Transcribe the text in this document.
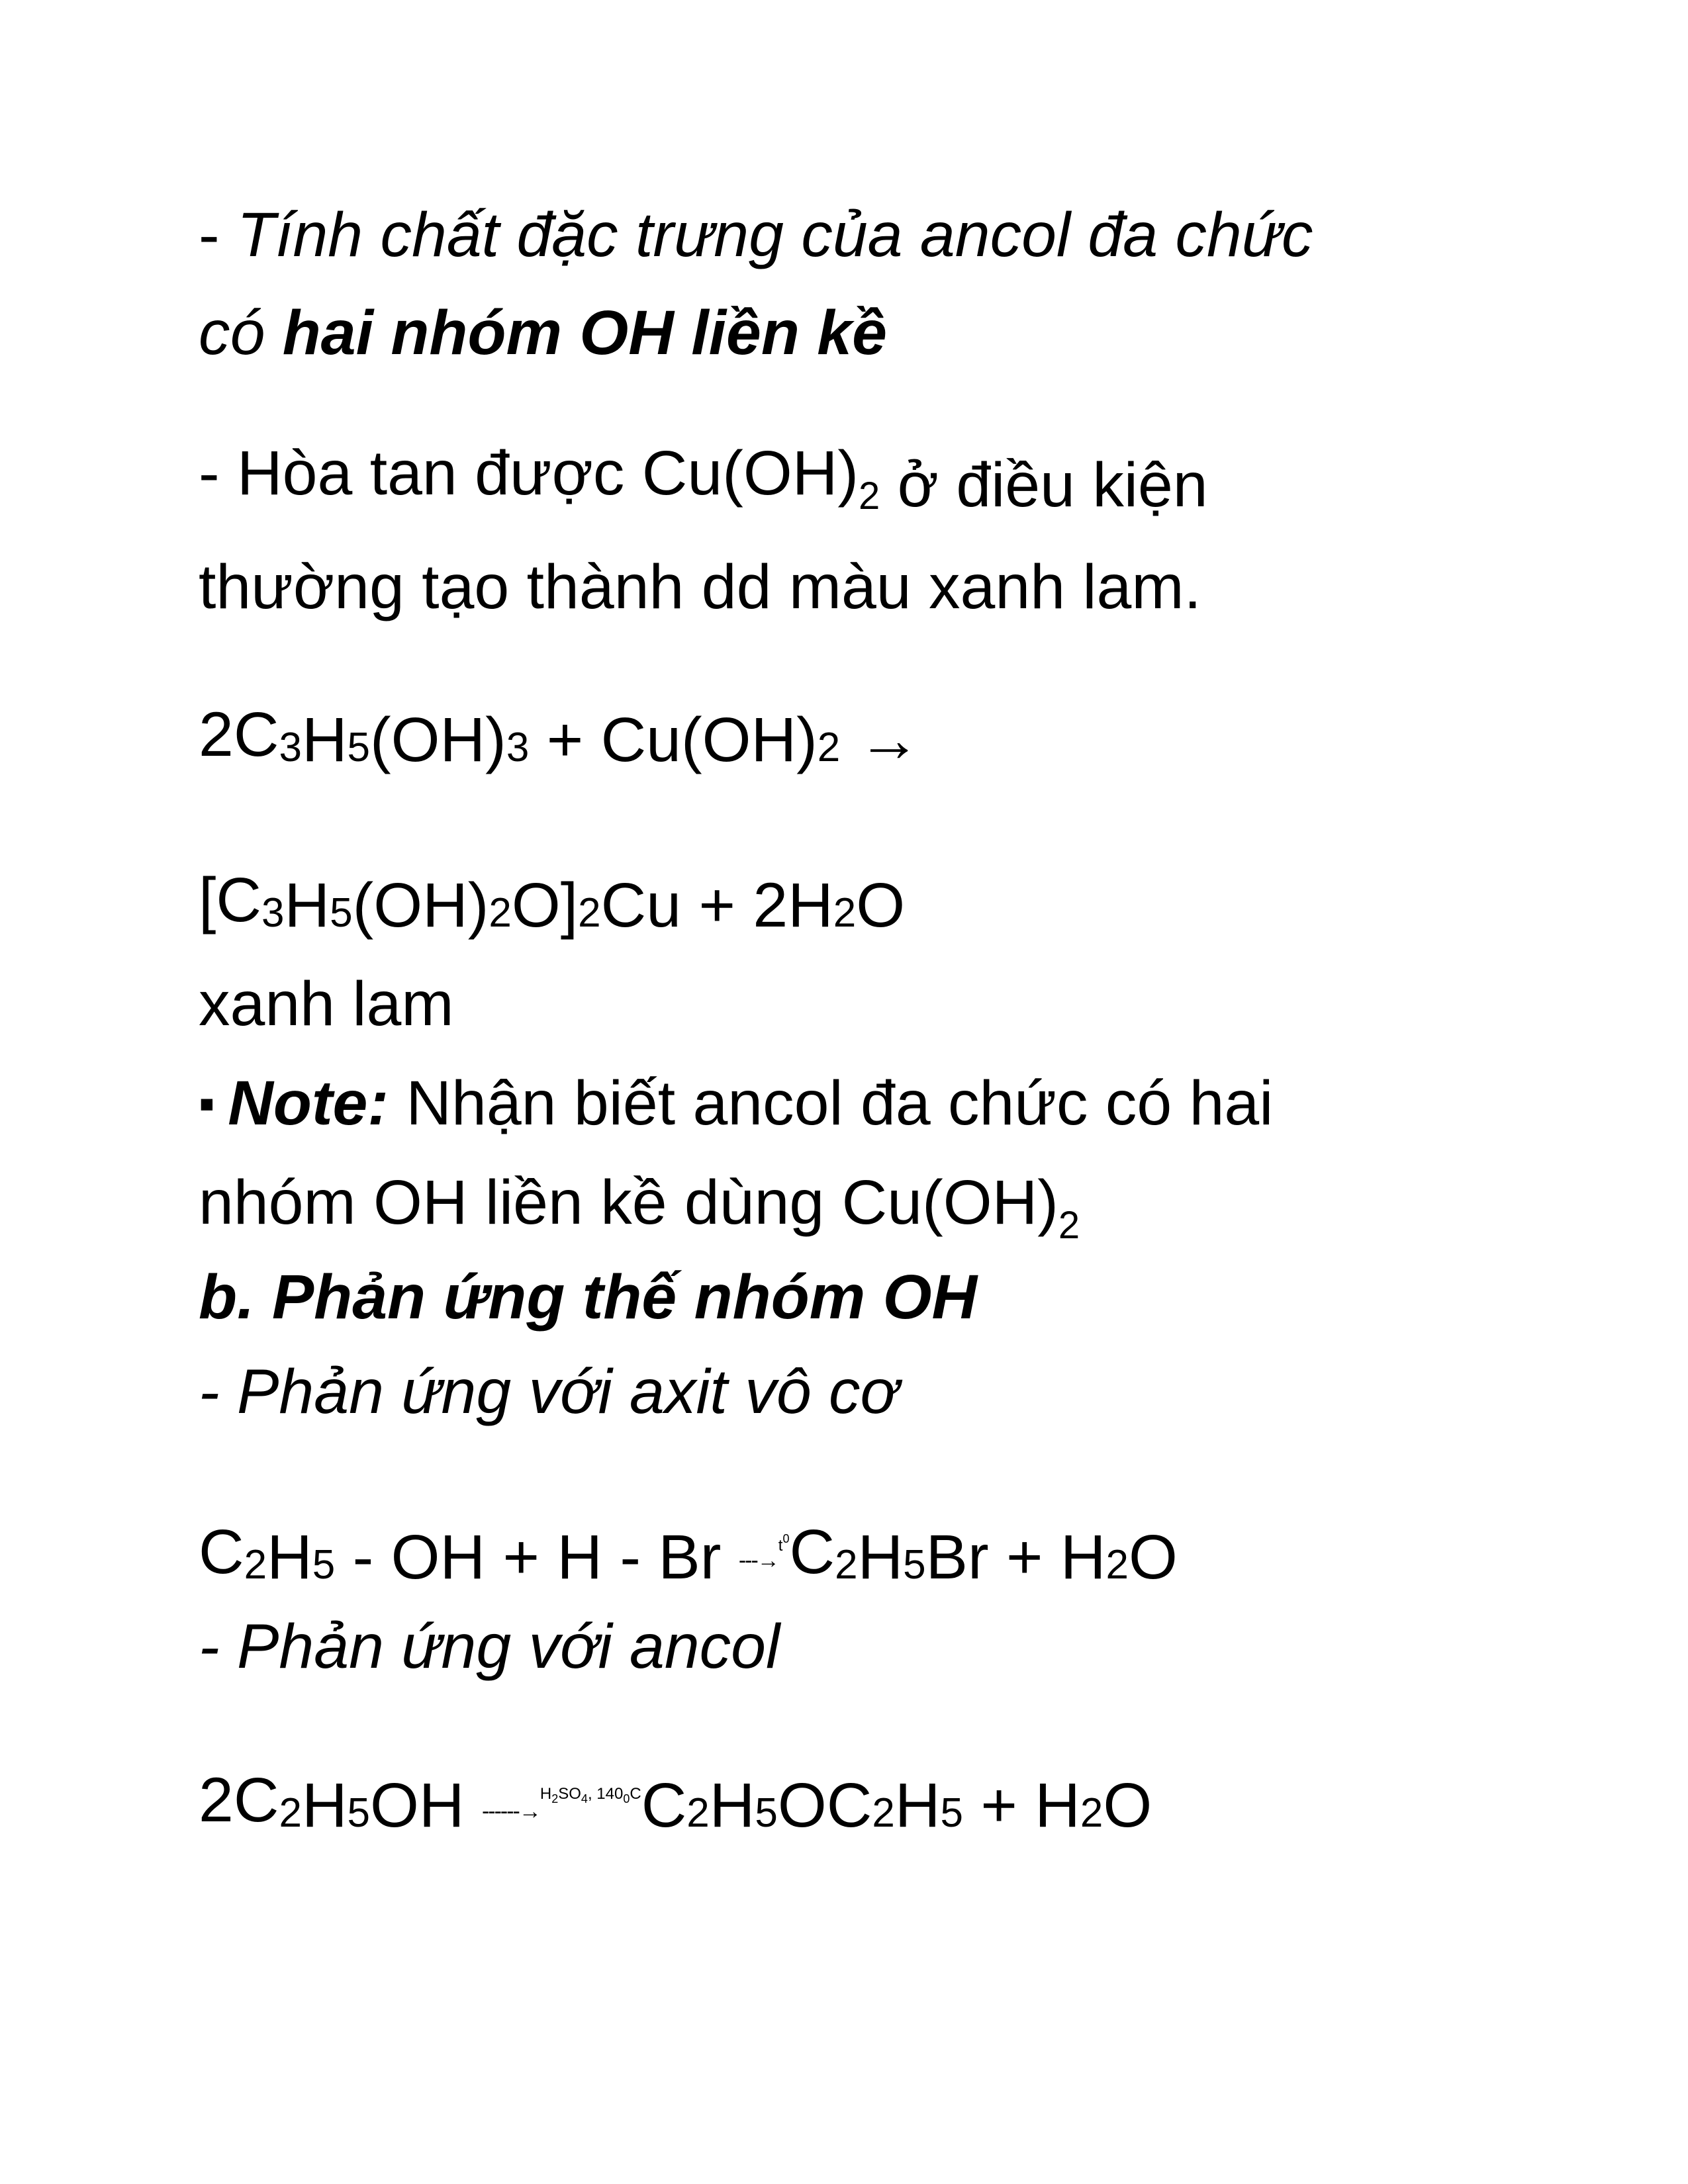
- Tính chất đặc trưng của ancol đa chức
có hai nhóm OH liền kề
- Hòa tan được $Cu(OH)_2$ ở điều kiện
thường tạo thành dd màu xanh lam.
2C3H5(OH)3 + Cu(OH)2 →
[C3H5(OH)2O]2Cu + 2H2O
xanh lam
▪ Note: Nhận biết ancol đa chức có hai
nhóm OH liền kề dùng $Cu(OH)_2$
b. Phản ứng thế nhóm OH
- Phản ứng với axit vô cơ
C2H5 - OH + H - Br ---→$^{t0}$C2H5Br + H2O
- Phản ứng với ancol
2C2H5OH ------→$^{H2SO4, 1400C}$C2H5OC2H5 + H2O
